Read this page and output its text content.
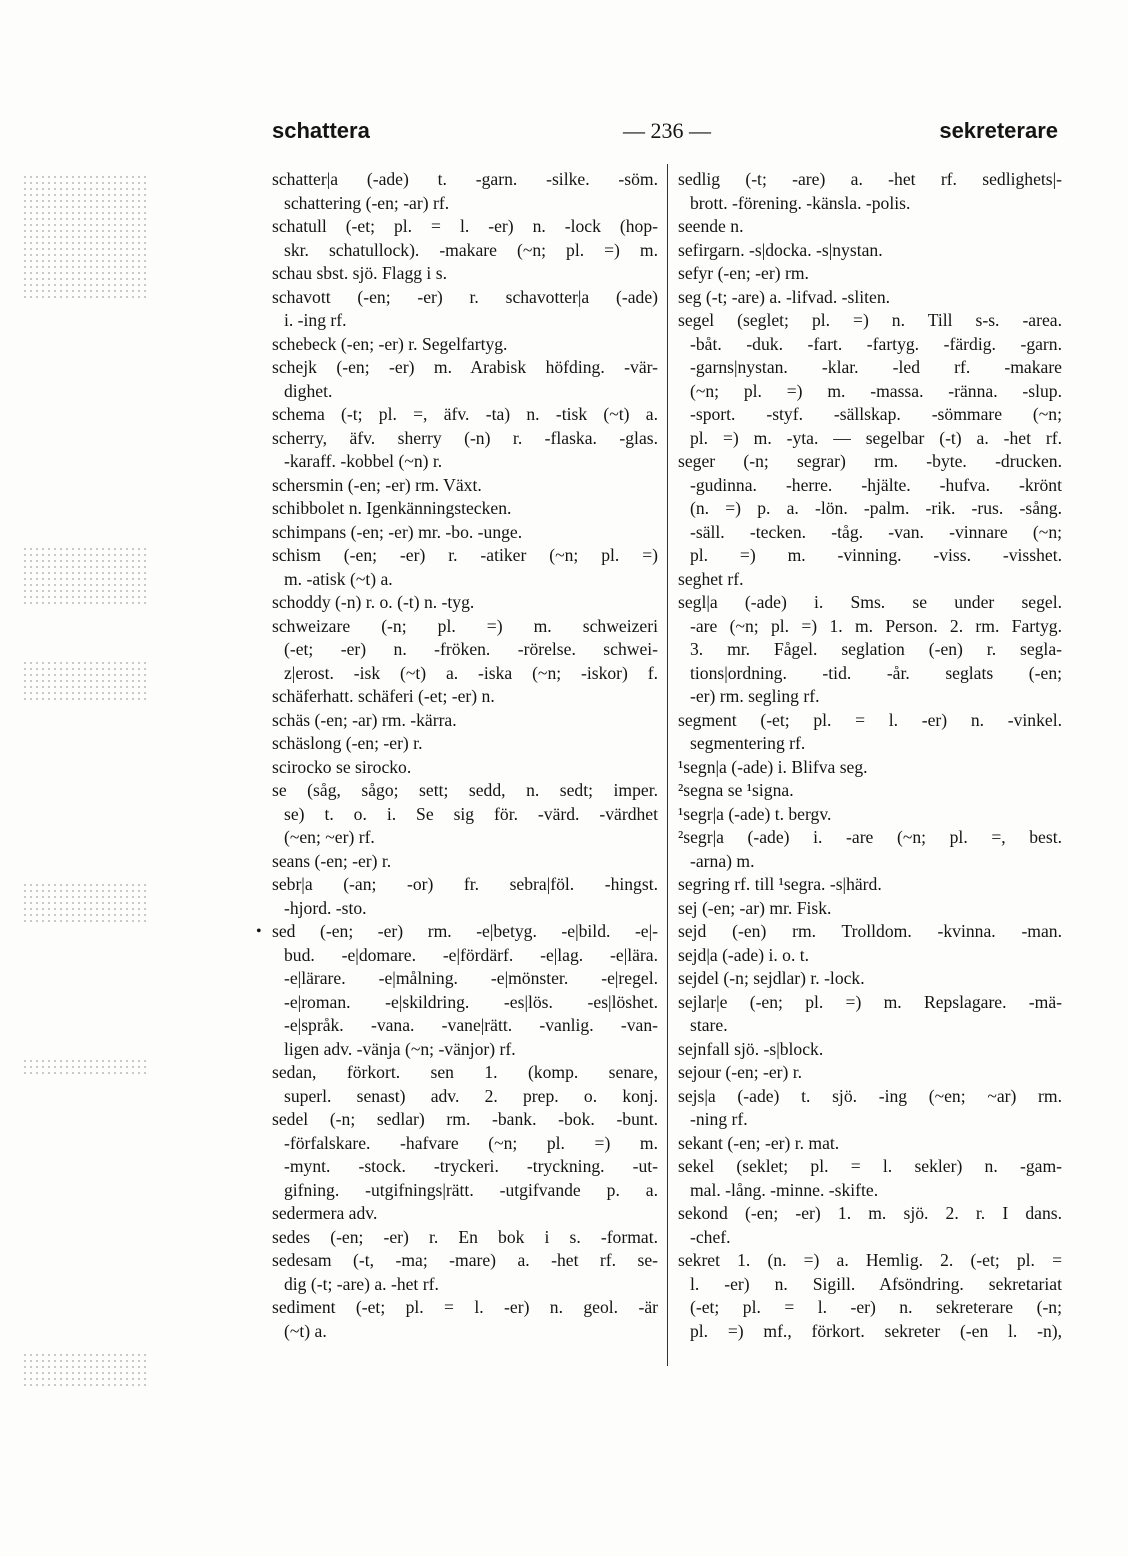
schattera	— 236 —	sekreterare
schatter|a (-ade) t. -garn. -silke. -söm.
schattering (-en; -ar) rf.
schatull (-et; pl. = l. -er) n. -lock (hop-
skr. schatullock). -makare (~n; pl. =) m.
schau sbst. sjö. Flagg i s.
schavott (-en; -er) r. schavotter|a (-ade)
i. -ing rf.
schebeck (-en; -er) r. Segelfartyg.
schejk (-en; -er) m. Arabisk höfding. -vär-
dighet.
schema (-t; pl. =, äfv. -ta) n. -tisk (~t) a.
scherry, äfv. sherry (-n) r. -flaska. -glas.
-karaff. -kobbel (~n) r.
schersmin (-en; -er) rm. Växt.
schibbolet n. Igenkänningstecken.
schimpans (-en; -er) mr. -bo. -unge.
schism (-en; -er) r. -atiker (~n; pl. =)
m. -atisk (~t) a.
schoddy (-n) r. o. (-t) n. -tyg.
schweizare (-n; pl. =) m. schweizeri
(-et; -er) n. -fröken. -rörelse. schwei-
z|erost. -isk (~t) a. -iska (~n; -iskor) f.
schäferhatt. schäferi (-et; -er) n.
schäs (-en; -ar) rm. -kärra.
schäslong (-en; -er) r.
scirocko se sirocko.
se (såg, sågo; sett; sedd, n. sedt; imper.
se) t. o. i. Se sig för. -värd. -värdhet
(~en; ~er) rf.
seans (-en; -er) r.
sebr|a (-an; -or) fr. sebra|föl. -hingst.
-hjord. -sto.
• sed (-en; -er) rm. -e|betyg. -e|bild. -e|-
bud. -e|domare. -e|fördärf. -e|lag. -e|lära.
-e|lärare. -e|målning. -e|mönster. -e|regel.
-e|roman. -e|skildring. -es|lös. -es|löshet.
-e|språk. -vana. -vane|rätt. -vanlig. -van-
ligen adv. -vänja (~n; -vänjor) rf.
sedan, förkort. sen 1. (komp. senare,
superl. senast) adv. 2. prep. o. konj.
sedel (-n; sedlar) rm. -bank. -bok. -bunt.
-förfalskare. -hafvare (~n; pl. =) m.
-mynt. -stock. -tryckeri. -tryckning. -ut-
gifning. -utgifnings|rätt. -utgifvande p. a.
sedermera adv.
sedes (-en; -er) r. En bok i s. -format.
sedesam (-t, -ma; -mare) a. -het rf. se-
dig (-t; -are) a. -het rf.
sediment (-et; pl. = l. -er) n. geol. -är
(~t) a.
sedlig (-t; -are) a. -het rf. sedlighets|-
brott. -förening. -känsla. -polis.
seende n.
sefirgarn. -s|docka. -s|nystan.
sefyr (-en; -er) rm.
seg (-t; -are) a. -lifvad. -sliten.
segel (seglet; pl. =) n. Till s-s. -area.
-båt. -duk. -fart. -fartyg. -färdig. -garn.
-garns|nystan. -klar. -led rf. -makare
(~n; pl. =) m. -massa. -ränna. -slup.
-sport. -styf. -sällskap. -sömmare (~n;
pl. =) m. -yta. — segelbar (-t) a. -het rf.
seger (-n; segrar) rm. -byte. -drucken.
-gudinna. -herre. -hjälte. -hufva. -krönt
(n. =) p. a. -lön. -palm. -rik. -rus. -sång.
-säll. -tecken. -tåg. -van. -vinnare (~n;
pl. =) m. -vinning. -viss. -visshet.
seghet rf.
segl|a (-ade) i. Sms. se under segel.
-are (~n; pl. =) 1. m. Person. 2. rm. Fartyg.
3. mr. Fågel. seglation (-en) r. segla-
tions|ordning. -tid. -år. seglats (-en;
-er) rm. segling rf.
segment (-et; pl. = l. -er) n. -vinkel.
segmentering rf.
¹segn|a (-ade) i. Blifva seg.
²segna se ¹signa.
¹segr|a (-ade) t. bergv.
²segr|a (-ade) i. -are (~n; pl. =, best.
-arna) m.
segring rf. till ¹segra. -s|härd.
sej (-en; -ar) mr. Fisk.
sejd (-en) rm. Trolldom. -kvinna. -man.
sejd|a (-ade) i. o. t.
sejdel (-n; sejdlar) r. -lock.
sejlar|e (-en; pl. =) m. Repslagare. -mä-
stare.
sejnfall sjö. -s|block.
sejour (-en; -er) r.
sejs|a (-ade) t. sjö. -ing (~en; ~ar) rm.
-ning rf.
sekant (-en; -er) r. mat.
sekel (seklet; pl. = l. sekler) n. -gam-
mal. -lång. -minne. -skifte.
sekond (-en; -er) 1. m. sjö. 2. r. I dans.
-chef.
sekret 1. (n. =) a. Hemlig. 2. (-et; pl. =
l. -er) n. Sigill. Afsöndring. sekretariat
(-et; pl. = l. -er) n. sekreterare (-n;
pl. =) mf., förkort. sekreter (-en l. -n),
